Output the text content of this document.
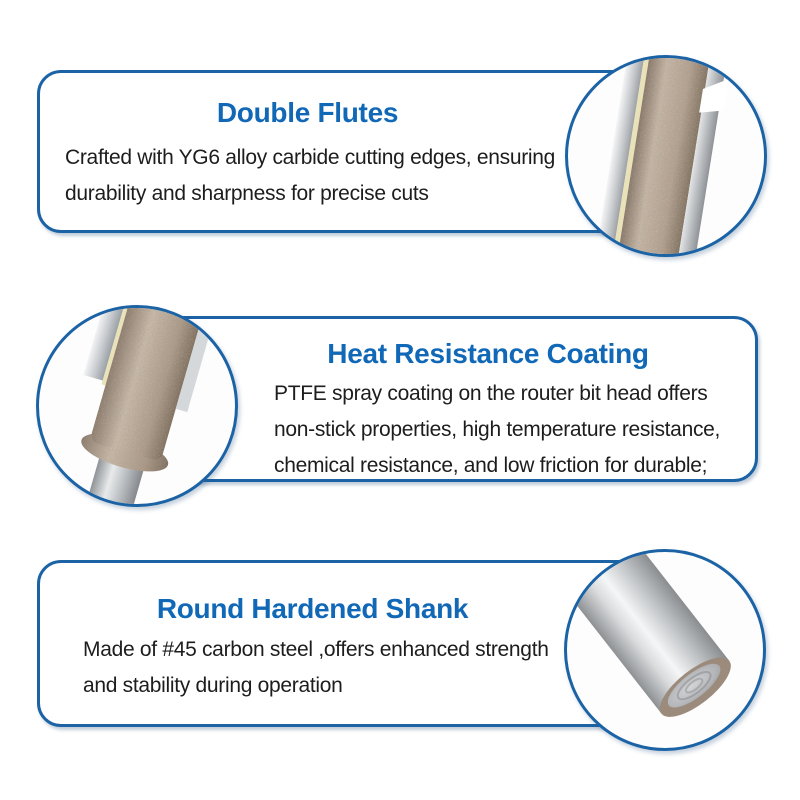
Double Flutes
Crafted with YG6 alloy carbide cutting edges, ensuring
durability and sharpness for precise cuts
Heat Resistance Coating
PTFE spray coating on the router bit head offers
non-stick properties, high temperature resistance,
chemical resistance, and low friction for durable;
Round Hardened Shank
Made of #45 carbon steel ,offers enhanced strength
and stability during operation
